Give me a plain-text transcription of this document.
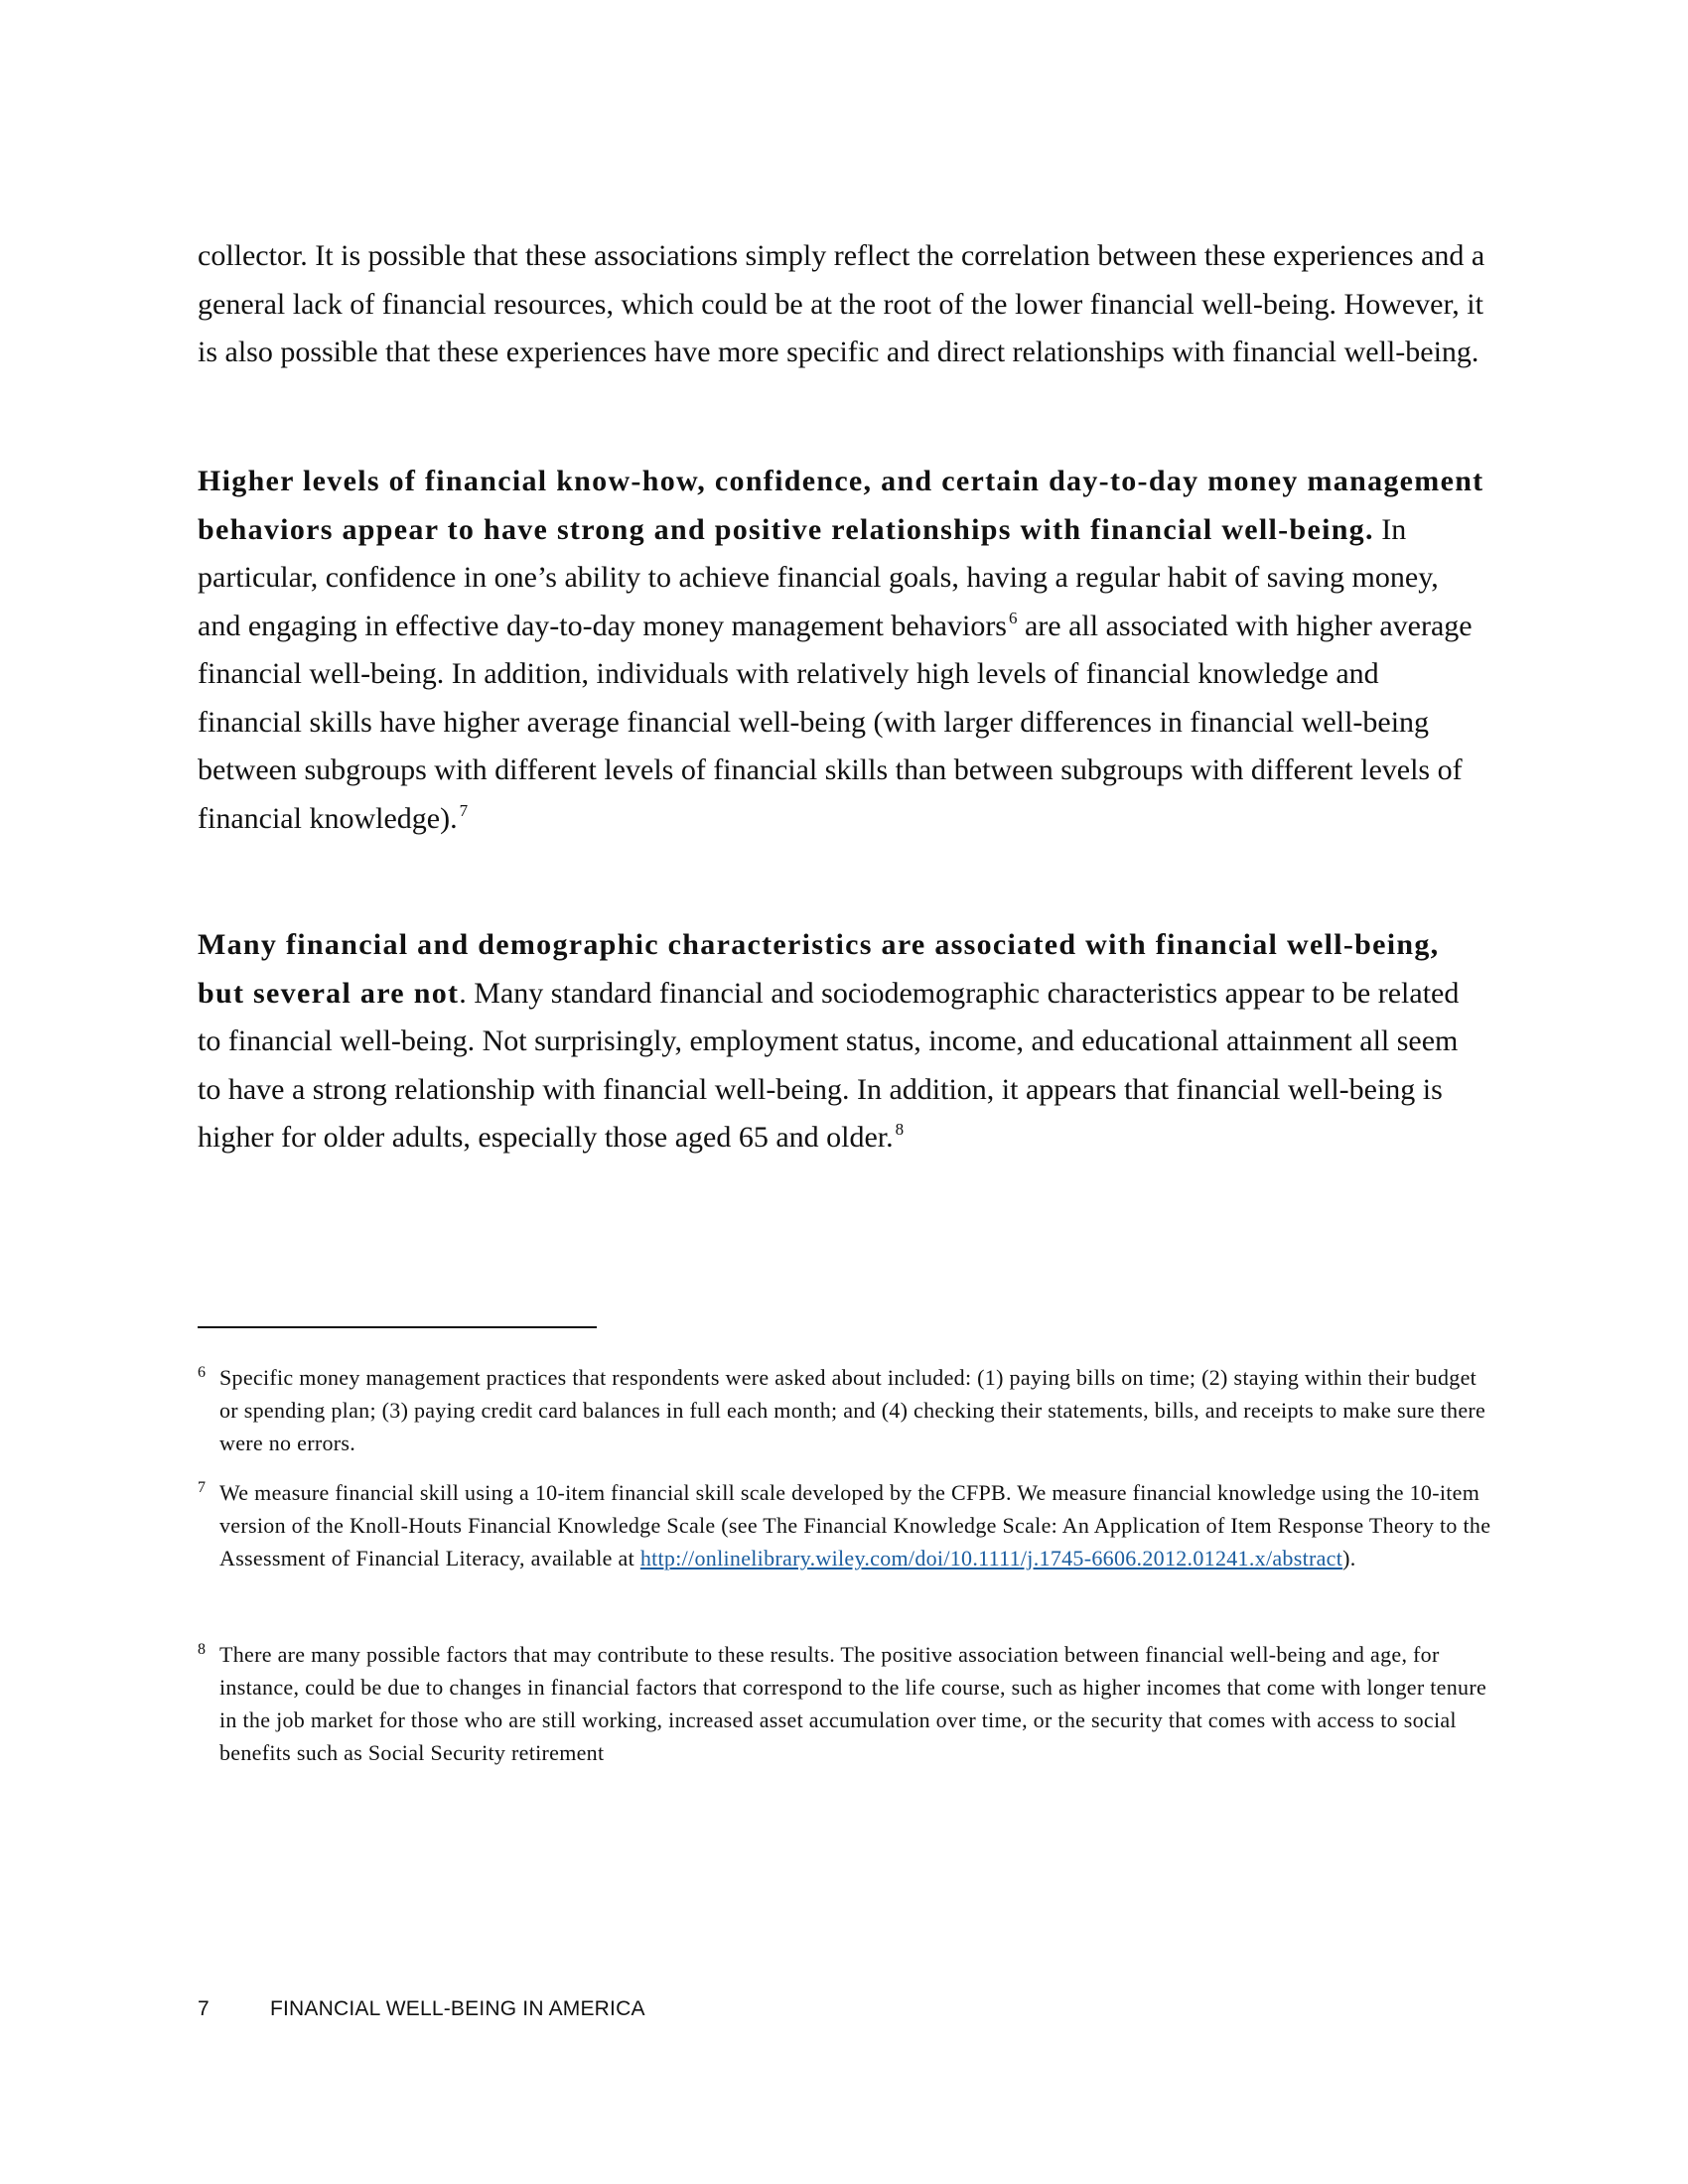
collector. It is possible that these associations simply reflect the correlation between these experiences and a general lack of financial resources, which could be at the root of the lower financial well-being. However, it is also possible that these experiences have more specific and direct relationships with financial well-being.

Higher levels of financial know-how, confidence, and certain day-to-day money management behaviors appear to have strong and positive relationships with financial well-being. In particular, confidence in one’s ability to achieve financial goals, having a regular habit of saving money, and engaging in effective day-to-day money management behaviors $^6$ are all associated with higher average financial well-being. In addition, individuals with relatively high levels of financial knowledge and financial skills have higher average financial well-being (with larger differences in financial well-being between subgroups with different levels of financial skills than between subgroups with different levels of financial knowledge). $^7$

Many financial and demographic characteristics are associated with financial well-being, but several are not. Many standard financial and sociodemographic characteristics appear to be related to financial well-being. Not surprisingly, employment status, income, and educational attainment all seem to have a strong relationship with financial well-being. In addition, it appears that financial well-being is higher for older adults, especially those aged 65 and older. $^8$

6 Specific money management practices that respondents were asked about included: (1) paying bills on time; (2) staying within their budget or spending plan; (3) paying credit card balances in full each month; and (4) checking their statements, bills, and receipts to make sure there were no errors.

7 We measure financial skill using a 10-item financial skill scale developed by the CFPB. We measure financial knowledge using the 10-item version of the Knoll-Houts Financial Knowledge Scale (see The Financial Knowledge Scale: An Application of Item Response Theory to the Assessment of Financial Literacy, available at http://onlinelibrary.wiley.com/doi/10.1111/j.1745-6606.2012.01241.x/abstract).

8 There are many possible factors that may contribute to these results. The positive association between financial well-being and age, for instance, could be due to changes in financial factors that correspond to the life course, such as higher incomes that come with longer tenure in the job market for those who are still working, increased asset accumulation over time, or the security that comes with access to social benefits such as Social Security retirement

7	FINANCIAL WELL-BEING IN AMERICA
